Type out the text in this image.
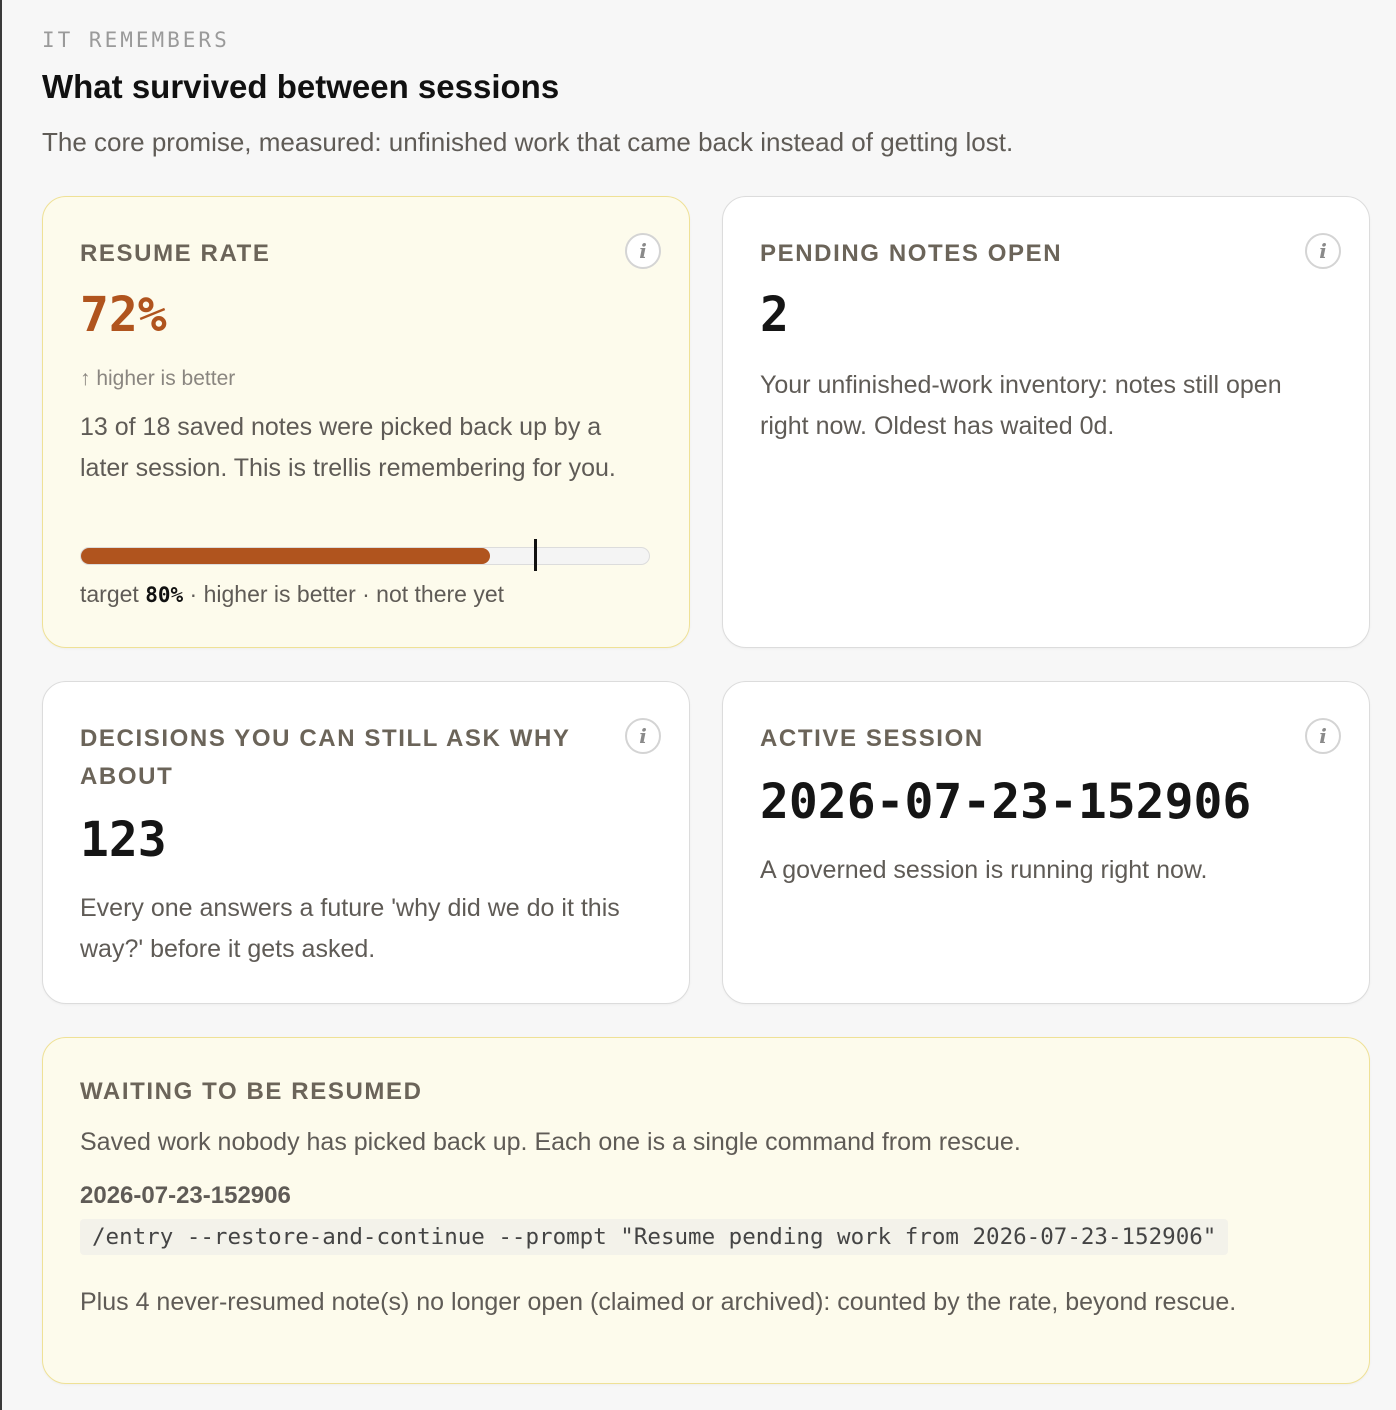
IT REMEMBERS
What survived between sessions

The core promise, measured: unfinished work that came back instead of getting lost.

RESUME RATE	i
72%
↑ higher is better
13 of 18 saved notes were picked back up by a later session. This is trellis remembering for you.
target 80% · higher is better · not there yet
PENDING NOTES OPEN	i
2
Your unfinished-work inventory: notes still open right now. Oldest has waited 0d.
DECISIONS YOU CAN STILL ASK WHY ABOUT
i
123
Every one answers a future 'why did we do it this way?' before it gets asked.
ACTIVE SESSION	i
2026-07-23-152906
A governed session is running right now.
WAITING TO BE RESUMED
Saved work nobody has picked back up. Each one is a single command from rescue.
2026-07-23-152906
/entry --restore-and-continue --prompt "Resume pending work from 2026-07-23-152906"
Plus 4 never-resumed note(s) no longer open (claimed or archived): counted by the rate, beyond rescue.
